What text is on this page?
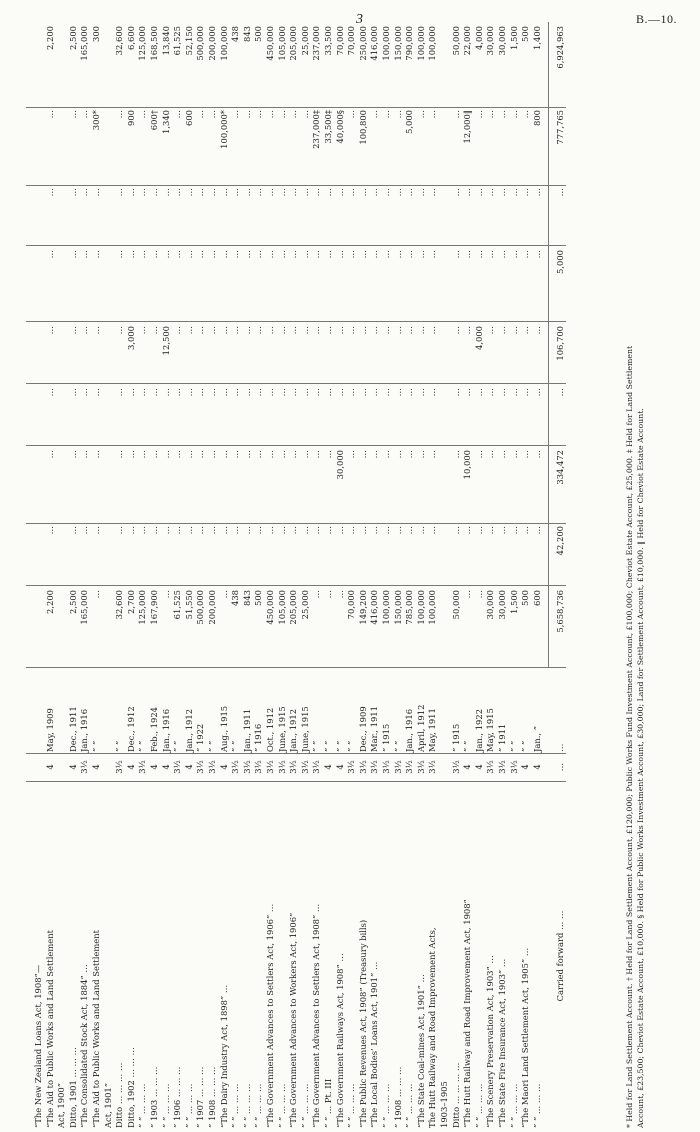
3	B.—10.
“The New Zealand Loans Act, 1908”— “The Aid to Public Works and Land Settlement
4
May, 1909
2,200
…
…
…
…
…
…
…
2,200
Act, 1900” Ditto, 1901 … … …
4
Dec., 1911
2,500
…
…
…
…
…
…
…
2,500
“The Consolidated Stock Act, 1884” …
3½
Jan., 1916
165,000
…
…
…
…
…
…
…
165,000
“The Aid to Public Works and Land Settlement
4
” ”
…
…
…
…
…
…
…
300*
300
Act, 1901” Ditto … … … …
3½
” ”
32,600
…
…
…
…
…
…
…
32,600
Ditto, 1902 … … …
4
Dec., 1912
2,700
…
…
…
3,000
…
…
900
6,600
” ” … … …
3½
” ”
125,000
…
…
…
…
…
…
…
125,000
” 1903 … … …
4
Feb., 1924
167,900
…
…
…
…
…
…
600†
168,500
” ” … … …
4
Jan., 1916
…
…
…
…
12,500
…
…
1,340
13,840
” 1906 … … …
3½
” ”
61,525
…
…
…
…
…
…
…
61,525
” ” … … …
4
Jan., 1912
51,550
…
…
…
…
…
…
600
52,150
” 1907 … … …
3½
” 1922
500,000
…
…
…
…
…
…
…
500,000
” 1908 … … …
3½
” ”
200,000
…
…
…
…
…
…
…
200,000
“The Dairy Industry Act, 1898” …
4
Aug., 1915
…
…
…
…
…
…
…
100,000*
100,000
” ” … … …
3½
” ”
438
…
…
…
…
…
…
…
438
” ” … … …
3½
Jan., 1911
843
…
…
…
…
…
…
…
843
” ” … … …
3½
” 1916
500
…
…
…
…
…
…
…
500
“The Government Advances to Settlers Act, 1906” …
3½
Oct., 1912
450,000
…
…
…
…
…
…
…
450,000
” ” … … …
3½
June, 1915
105,000
…
…
…
…
…
…
…
105,000
“The Government Advances to Workers Act, 1906”
3½
Jan., 1912
205,000
…
…
…
…
…
…
…
205,000
” ” … … …
3½
June, 1915
25,000
…
…
…
…
…
…
…
25,000
“The Government Advances to Settlers Act, 1908” …
3½
” ”
…
…
…
…
…
…
…
237,000‡
237,000
” ” … Pt. III
4
” ”
…
…
…
…
…
…
…
33,500‡
33,500
“The Government Railways Act, 1908” …
4
” ”
…
…
30,000
…
…
…
…
40,000§
70,000
” ” … … …
3½
” ”
70,000
…
…
…
…
…
…
…
70,000
“The Public Revenues Act, 1908” (Treasury bills)
3½
Dec., 1909
149,200
…
…
…
…
…
…
100,800
250,000
“The Local Bodies’ Loans Act, 1901” …
3½
Mar., 1911
416,000
…
…
…
…
…
…
…
416,000
” ” … … …
3½
” 1915
100,000
…
…
…
…
…
…
…
100,000
” 1908 … … …
3½
” ”
150,000
…
…
…
…
…
…
…
150,000
” ” … … …
3½
Jan., 1916
785,000
…
…
…
…
…
…
5,000
790,000
“The State Coal-mines Act, 1901” …
3½
April, 1912
100,000
…
…
…
…
…
…
…
100,000
The Hutt Railway and Road Improvement Acts,
3½
May, 1911
100,000
…
…
…
…
…
…
…
100,000
1903–1905 Ditto … … … …
3½
” 1915
50,000
…
…
…
…
…
…
…
50,000
“The Hutt Railway and Road Improvement Act, 1908”
4
” ”
…
…
10,000
…
…
…
…
12,000‖
22,000
” ” … … …
4
Jan., 1922
…
…
…
…
4,000
…
…
…
4,000
“The Scenery Preservation Act, 1903” …
3½
May, 1915
30,000
…
…
…
…
…
…
…
30,000
“The State Fire Insurance Act, 1903” …
3½
” 1911
30,000
…
…
…
…
…
…
…
30,000
” ” … … …
3½
” ”
1,500
…
…
…
…
…
…
…
1,500
“The Maori Land Settlement Act, 1905” …
4
” ”
500
…
…
…
…
…
…
…
500
” ” … … …
4
Jan., ”
600
…
…
…
…
…
…
800
1,400
Carried forward … …
…
…
5,658,736
42,200
334,472
…
106,700
5,000
…
777,765
6,924,963
* Held for Land Settlement Account. † Held for Land Settlement Account, £120,000; Public Works Fund Investment Account, £100,000; Cheviot Estate Account, £25,000. ‡ Held for Land Settlement Account, £23,500; Cheviot Estate Account, £10,000. § Held for Public Works Investment Account, £30,000; Land for Settlement Account, £10,000. ‖ Held for Cheviot Estate Account.
